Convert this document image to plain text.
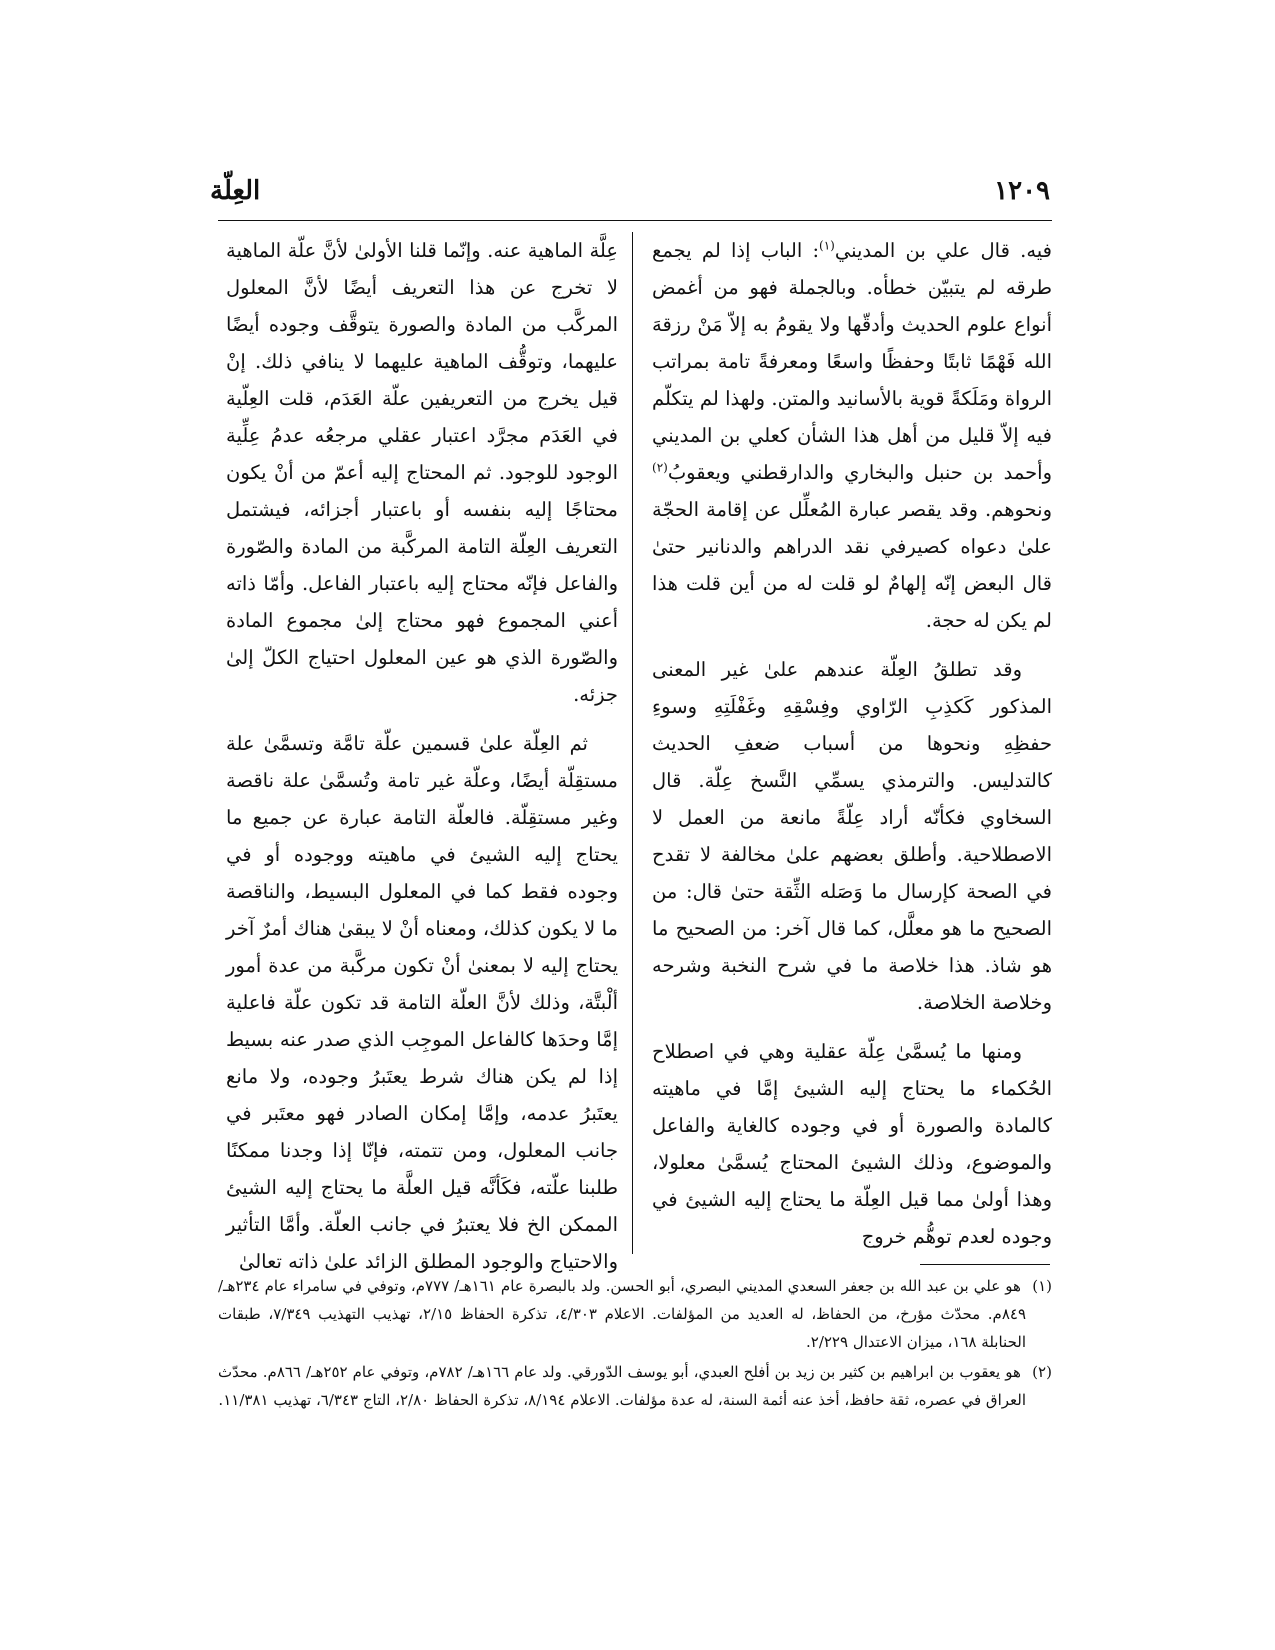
١٢٠٩
العِلّة

فيه. قال علي بن المديني$^{(١)}$: الباب إذا لم يجمع طرقه لم يتبيّن خطأه. وبالجملة فهو من أغمض أنواع علوم الحديث وأدقّها ولا يقومُ به إلاّ مَنْ رزقهَ الله فَهْمًا ثابتًا وحفظًا واسعًا ومعرفةً تامة بمراتب الرواة ومَلَكةً قوية بالأسانيد والمتن. ولهذا لم يتكلّم فيه إلاّ قليل من أهل هذا الشأن كعلي بن المديني وأحمد بن حنبل والبخاري والدارقطني ويعقوبُ$^{(٢)}$ ونحوهم. وقد يقصر عبارة المُعلِّل عن إقامة الحجّة علىٰ دعواه كصيرفي نقد الدراهم والدنانير حتىٰ قال البعض إنّه إلهامٌ لو قلت له من أين قلت هذا لم يكن له حجة.

وقد تطلقُ العِلّة عندهم علىٰ غير المعنى المذكور كَكذِبِ الرّاوي وفِسْقِهِ وغَفْلَتِهِ وسوءِ حفظِهِ ونحوها من أسباب ضعفِ الحديث كالتدليس. والترمذي يسمِّي النَّسخ عِلّة. قال السخاوي فكأنّه أراد عِلّةً مانعة من العمل لا الاصطلاحية. وأطلق بعضهم علىٰ مخالفة لا تقدح في الصحة كإرسال ما وَصَله الثِّقة حتىٰ قال: من الصحيح ما هو معلَّل، كما قال آخر: من الصحيح ما هو شاذ. هذا خلاصة ما في شرح النخبة وشرحه وخلاصة الخلاصة.

ومنها ما يُسمَّىٰ عِلّة عقلية وهي في اصطلاح الحُكماء ما يحتاج إليه الشيئ إمَّا في ماهيته كالمادة والصورة أو في وجوده كالغاية والفاعل والموضوع، وذلك الشيئ المحتاج يُسمَّىٰ معلولا، وهذا أولىٰ مما قيل العِلّة ما يحتاج إليه الشيئ في وجوده لعدم توهُّم خروج

عِلَّة الماهية عنه. وإنّما قلنا الأولىٰ لأنَّ علّة الماهية لا تخرج عن هذا التعريف أيضًا لأنَّ المعلول المركَّب من المادة والصورة يتوقَّف وجوده أيضًا عليهما، وتوقُّف الماهية عليهما لا ينافي ذلك. إنْ قيل يخرج من التعريفين علّة العَدَم، قلت العِلّية في العَدَم مجرَّد اعتبار عقلي مرجعُه عدمُ عِلِّية الوجود للوجود. ثم المحتاج إليه أعمّ من أنْ يكون محتاجًا إليه بنفسه أو باعتبار أجزائه، فيشتمل التعريف العِلّة التامة المركَّبة من المادة والصّورة والفاعل فإنّه محتاج إليه باعتبار الفاعل. وأمّا ذاته أعني المجموع فهو محتاج إلىٰ مجموع المادة والصّورة الذي هو عين المعلول احتياج الكلّ إلىٰ جزئه.

ثم العِلّة علىٰ قسمين علّة تامَّة وتسمَّىٰ علة مستقِلّة أيضًا، وعلّة غير تامة وتُسمَّىٰ علة ناقصة وغير مستقِلّة. فالعلّة التامة عبارة عن جميع ما يحتاج إليه الشيئ في ماهيته ووجوده أو في وجوده فقط كما في المعلول البسيط، والناقصة ما لا يكون كذلك، ومعناه أنْ لا يبقىٰ هناك أمرٌ آخر يحتاج إليه لا بمعنىٰ أنْ تكون مركَّبة من عدة أمور ألْبتَّة، وذلك لأنَّ العلّة التامة قد تكون علّة فاعلية إمَّا وحدَها كالفاعل الموجِب الذي صدر عنه بسيط إذا لم يكن هناك شرط يعتَبرُ وجوده، ولا مانع يعتَبرُ عدمه، وإمَّا إمكان الصادر فهو معتَبر في جانب المعلول، ومن تتمته، فإنّا إذا وجدنا ممكنًا طلبنا علّته، فكَأنَّه قيل العلَّة ما يحتاج إليه الشيئ الممكن الخ فلا يعتبرُ في جانب العلّة. وأمَّا التأثير والاحتياج والوجود المطلق الزائد علىٰ ذاته تعالىٰ

(١) هو علي بن عبد الله بن جعفر السعدي المديني البصري، أبو الحسن. ولد بالبصرة عام ١٦١هـ/ ٧٧٧م، وتوفي في سامراء عام ٢٣٤هـ/ ٨٤٩م. محدّث مؤرخ، من الحفاظ، له العديد من المؤلفات. الاعلام ٤/٣٠٣، تذكرة الحفاظ ٢/١٥، تهذيب التهذيب ٧/٣٤٩، طبقات الحنابلة ١٦٨، ميزان الاعتدال ٢/٢٢٩.

(٢) هو يعقوب بن ابراهيم بن كثير بن زيد بن أفلح العبدي، أبو يوسف الدّورقي. ولد عام ١٦٦هـ/ ٧٨٢م، وتوفي عام ٢٥٢هـ/ ٨٦٦م. محدّث العراق في عصره، ثقة حافظ، أخذ عنه أئمة السنة، له عدة مؤلفات. الاعلام ٨/١٩٤، تذكرة الحفاظ ٢/٨٠، التاج ٦/٣٤٣، تهذيب ١١/٣٨١.
